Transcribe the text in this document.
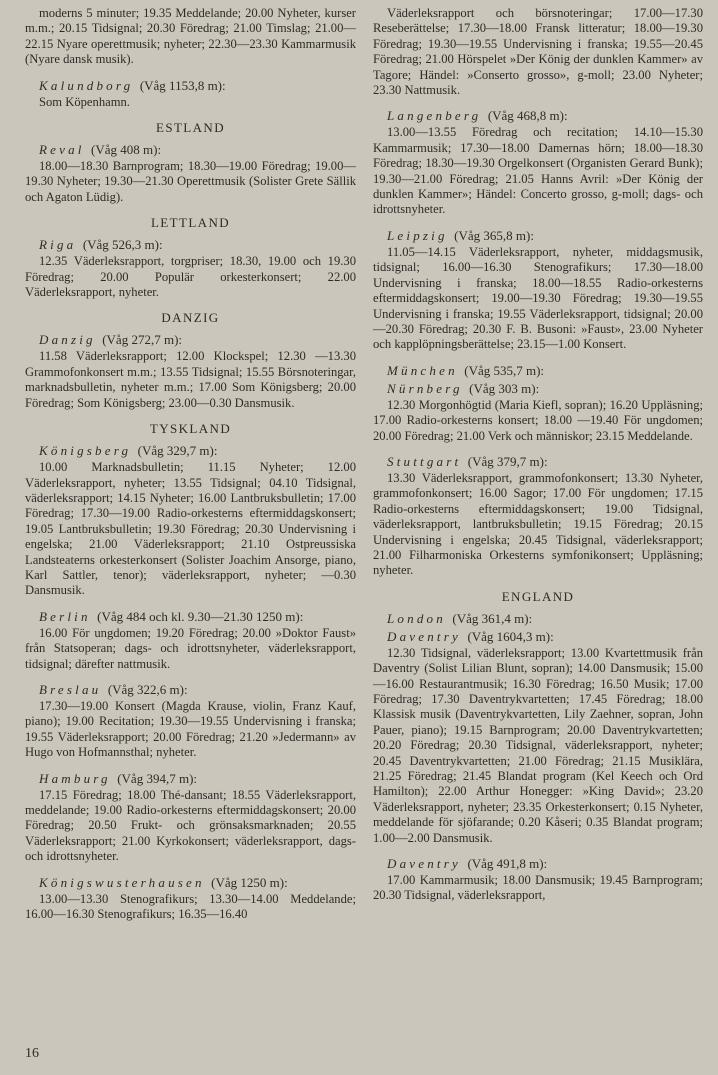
moderns 5 minuter; 19.35 Meddelande; 20.00 Nyheter, kurser m.m.; 20.15 Tidsignal; 20.30 Föredrag; 21.00 Timslag; 21.00—22.15 Nyare operettmusik; nyheter; 22.30—23.30 Kammarmusik (Nyare dansk musik).

Kalundborg (Våg 1153,8 m):

Som Köpenhamn.

ESTLAND

Reval (Våg 408 m):

18.00—18.30 Barnprogram; 18.30—19.00 Föredrag; 19.00—19.30 Nyheter; 19.30—21.30 Operettmusik (Solister Grete Sällik och Agaton Lüdig).

LETTLAND

Riga (Våg 526,3 m):

12.35 Väderleksrapport, torgpriser; 18.30, 19.00 och 19.30 Föredrag; 20.00 Populär orkesterkonsert; 22.00 Väderleksrapport, nyheter.

DANZIG

Danzig (Våg 272,7 m):

11.58 Väderleksrapport; 12.00 Klockspel; 12.30 —13.30 Grammofonkonsert m.m.; 13.55 Tidsignal; 15.55 Börsnoteringar, marknadsbulletin, nyheter m.m.; 17.00 Som Königsberg; 20.00 Föredrag; Som Königsberg; 23.00—0.30 Dansmusik.

TYSKLAND

Königsberg (Våg 329,7 m):

10.00 Marknadsbulletin; 11.15 Nyheter; 12.00 Väderleksrapport, nyheter; 13.55 Tidsignal; 04.10 Tidsignal, väderleksrapport; 14.15 Nyheter; 16.00 Lantbruksbulletin; 17.00 Föredrag; 17.30—19.00 Radio-orkesterns eftermiddagskonsert; 19.05 Lantbruksbulletin; 19.30 Föredrag; 20.30 Undervisning i engelska; 21.00 Väderleksrapport; 21.10 Ostpreussiska Landsteaterns orkesterkonsert (Solister Joachim Ansorge, piano, Karl Sattler, tenor); väderleksrapport, nyheter; —0.30 Dansmusik.

Berlin (Våg 484 och kl. 9.30—21.30 1250 m):

16.00 För ungdomen; 19.20 Föredrag; 20.00 »Doktor Faust» från Statsoperan; dags- och idrottsnyheter, väderleksrapport, tidsignal; därefter nattmusik.

Breslau (Våg 322,6 m):

17.30—19.00 Konsert (Magda Krause, violin, Franz Kauf, piano); 19.00 Recitation; 19.30—19.55 Undervisning i franska; 19.55 Väderleksrapport; 20.00 Föredrag; 21.20 »Jedermann» av Hugo von Hofmannsthal; nyheter.

Hamburg (Våg 394,7 m):

17.15 Föredrag; 18.00 Thé-dansant; 18.55 Väderleksrapport, meddelande; 19.00 Radio-orkesterns eftermiddagskonsert; 20.00 Föredrag; 20.50 Frukt- och grönsaksmarknaden; 20.55 Väderleksrapport; 21.00 Kyrkokonsert; väderleksrapport, dags- och idrottsnyheter.

Königswusterhausen (Våg 1250 m):

13.00—13.30 Stenografikurs; 13.30—14.00 Meddelande; 16.00—16.30 Stenografikurs; 16.35—16.40

Väderleksrapport och börsnoteringar; 17.00—17.30 Reseberättelse; 17.30—18.00 Fransk litteratur; 18.00—19.30 Föredrag; 19.30—19.55 Undervisning i franska; 19.55—20.45 Föredrag; 21.00 Hörspelet »Der König der dunklen Kammer» av Tagore; Händel: »Conserto grosso», g-moll; 23.00 Nyheter; 23.30 Nattmusik.

Langenberg (Våg 468,8 m):

13.00—13.55 Föredrag och recitation; 14.10—15.30 Kammarmusik; 17.30—18.00 Damernas hörn; 18.00—18.30 Föredrag; 18.30—19.30 Orgelkonsert (Organisten Gerard Bunk); 19.30—21.00 Föredrag; 21.05 Hanns Avril: »Der König der dunklen Kammer»; Händel: Concerto grosso, g-moll; dags- och idrottsnyheter.

Leipzig (Våg 365,8 m):

11.05—14.15 Väderleksrapport, nyheter, middagsmusik, tidsignal; 16.00—16.30 Stenografikurs; 17.30—18.00 Undervisning i franska; 18.00—18.55 Radio-orkesterns eftermiddagskonsert; 19.00—19.30 Föredrag; 19.30—19.55 Undervisning i franska; 19.55 Väderleksrapport, tidsignal; 20.00—20.30 Föredrag; 20.30 F. B. Busoni: »Faust», 23.00 Nyheter och kapplöpningsberättelse; 23.15—1.00 Konsert.

München (Våg 535,7 m):

Nürnberg (Våg 303 m):

12.30 Morgonhögtid (Maria Kiefl, sopran); 16.20 Uppläsning; 17.00 Radio-orkesterns konsert; 18.00 —19.40 För ungdomen; 20.00 Föredrag; 21.00 Verk och människor; 23.15 Meddelande.

Stuttgart (Våg 379,7 m):

13.30 Väderleksrapport, grammofonkonsert; 13.30 Nyheter, grammofonkonsert; 16.00 Sagor; 17.00 För ungdomen; 17.15 Radio-orkesterns eftermiddagskonsert; 19.00 Tidsignal, väderleksrapport, lantbruksbulletin; 19.15 Föredrag; 20.15 Undervisning i engelska; 20.45 Tidsignal, väderleksrapport; 21.00 Filharmoniska Orkesterns symfonikonsert; Uppläsning; nyheter.

ENGLAND

London (Våg 361,4 m):

Daventry (Våg 1604,3 m):

12.30 Tidsignal, väderleksrapport; 13.00 Kvartettmusik från Daventry (Solist Lilian Blunt, sopran); 14.00 Dansmusik; 15.00—16.00 Restaurantmusik; 16.30 Föredrag; 16.50 Musik; 17.00 Föredrag; 17.30 Daventrykvartetten; 17.45 Föredrag; 18.00 Klassisk musik (Daventrykvartetten, Lily Zaehner, sopran, John Pauer, piano); 19.15 Barnprogram; 20.00 Daventrykvartetten; 20.20 Föredrag; 20.30 Tidsignal, väderleksrapport, nyheter; 20.45 Daventrykvartetten; 21.00 Föredrag; 21.15 Musiklära, 21.25 Föredrag; 21.45 Blandat program (Kel Keech och Ord Hamilton); 22.00 Arthur Honegger: »King David»; 23.20 Väderleksrapport, nyheter; 23.35 Orkesterkonsert; 0.15 Nyheter, meddelande för sjöfarande; 0.20 Kåseri; 0.35 Blandat program; 1.00—2.00 Dansmusik.

Daventry (Våg 491,8 m):

17.00 Kammarmusik; 18.00 Dansmusik; 19.45 Barnprogram; 20.30 Tidsignal, väderleksrapport,

16
